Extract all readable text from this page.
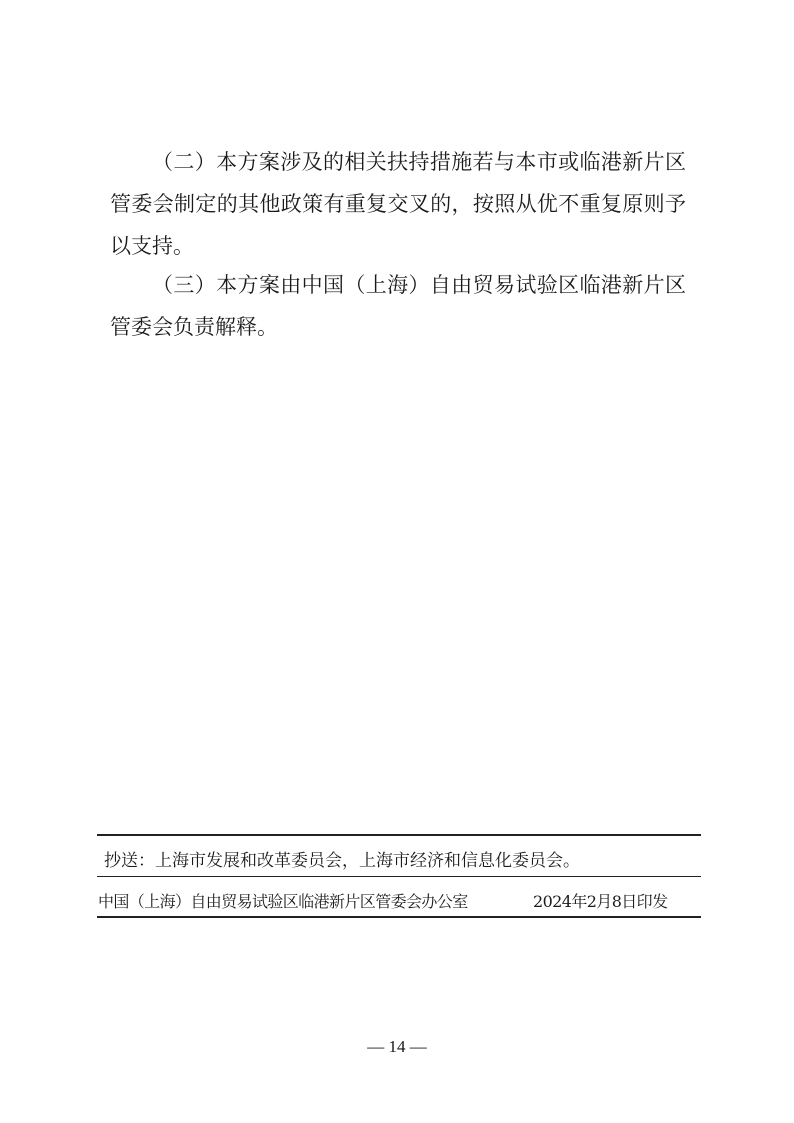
（二）本方案涉及的相关扶持措施若与本市或临港新片区
管委会制定的其他政策有重复交叉的，按照从优不重复原则予
以支持。
（三）本方案由中国（上海）自由贸易试验区临港新片区
管委会负责解释。
抄送：上海市发展和改革委员会，上海市经济和信息化委员会。
中国（上海）自由贸易试验区临港新片区管委会办公室	2024年2月8日印发
— 14 —
